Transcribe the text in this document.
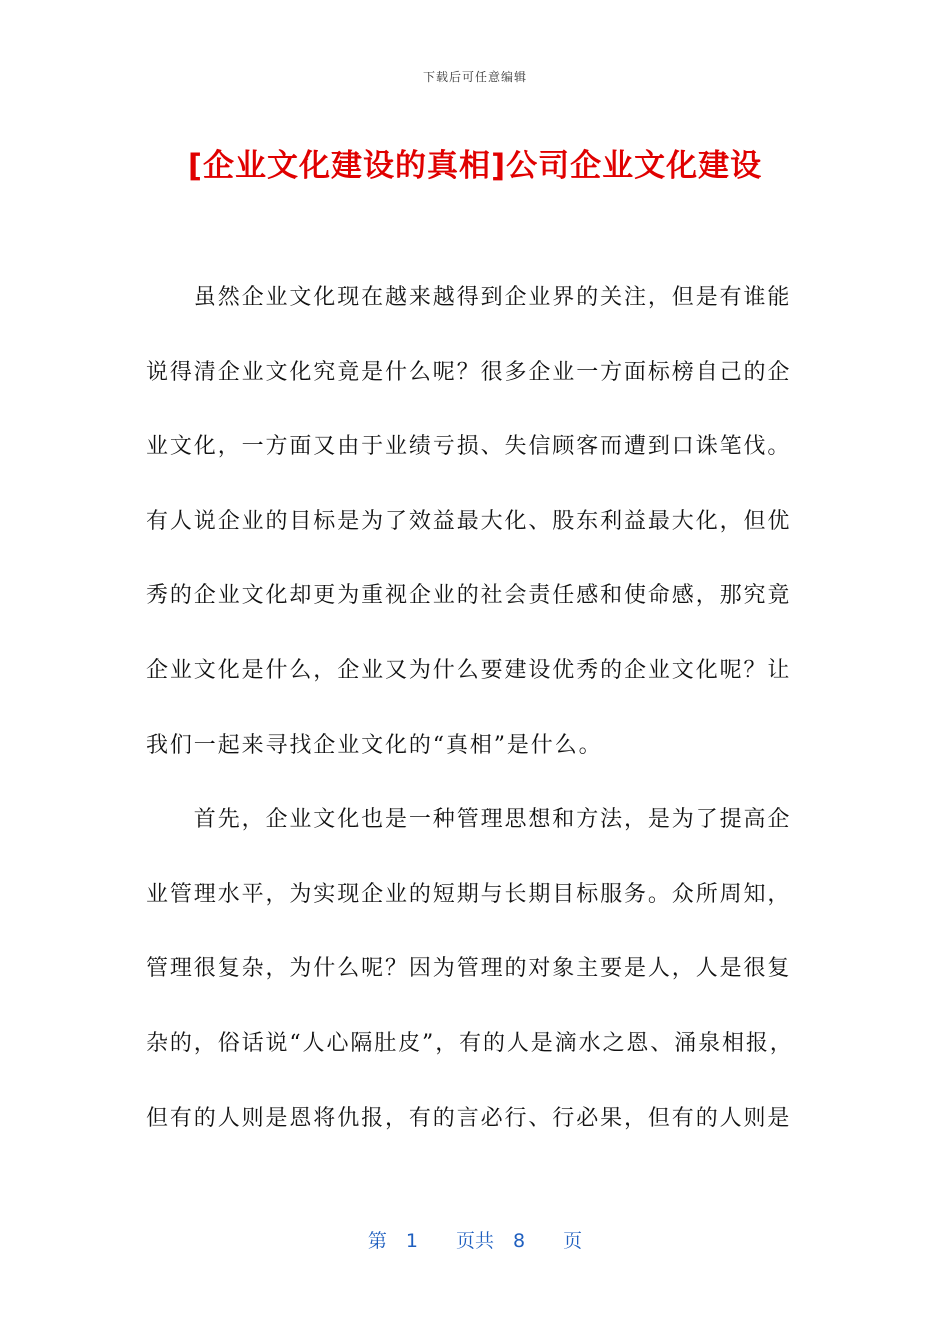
下载后可任意编辑
[企业文化建设的真相]公司企业文化建设
　　虽然企业文化现在越来越得到企业界的关注，但是有谁能
说得清企业文化究竟是什么呢？很多企业一方面标榜自己的企
业文化，一方面又由于业绩亏损、失信顾客而遭到口诛笔伐。
有人说企业的目标是为了效益最大化、股东利益最大化，但优
秀的企业文化却更为重视企业的社会责任感和使命感，那究竟
企业文化是什么，企业又为什么要建设优秀的企业文化呢？让
我们一起来寻找企业文化的“真相”是什么。
　　首先，企业文化也是一种管理思想和方法，是为了提高企
业管理水平，为实现企业的短期与长期目标服务。众所周知，
管理很复杂，为什么呢？因为管理的对象主要是人，人是很复
杂的，俗话说“人心隔肚皮”，有的人是滴水之恩、涌泉相报，
但有的人则是恩将仇报，有的言必行、行必果，但有的人则是
第　1　　页共　8　　页
